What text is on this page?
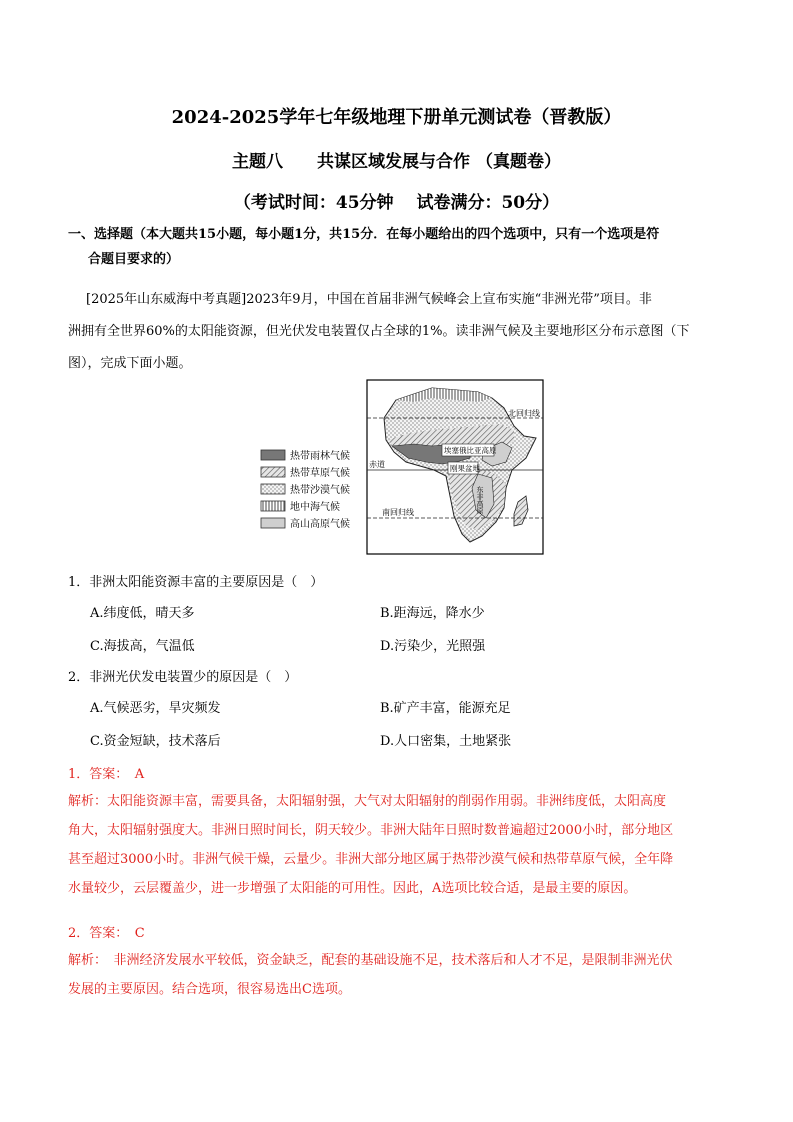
2024-2025学年七年级地理下册单元测试卷（晋教版）
主题八　　共谋区域发展与合作 （真题卷）
（考试时间：45分钟　 试卷满分：50分）
一、选择题（本大题共15小题，每小题1分，共15分．在每小题给出的四个选项中，只有一个选项是符
合题目要求的）
[2025年山东威海中考真题]2023年9月，中国在首届非洲气候峰会上宣布实施“非洲光带”项目。非
洲拥有全世界60%的太阳能资源，但光伏发电装置仅占全球的1%。读非洲气候及主要地形区分布示意图（下
图），完成下面小题。
热带雨林气候
热带草原气候
热带沙漠气候
地中海气候
高山高原气候
北回归线
赤道
南回归线
埃塞俄比亚高原
刚果盆地
东非高原
1．非洲太阳能资源丰富的主要原因是（　）
A.纬度低，晴天多	B.距海远，降水少
C.海拔高，气温低	D.污染少，光照强
2．非洲光伏发电装置少的原因是（　）
A.气候恶劣，旱灾频发	B.矿产丰富，能源充足
C.资金短缺，技术落后	D.人口密集，土地紧张
1．答案：　A
解析：太阳能资源丰富，需要具备，太阳辐射强，大气对太阳辐射的削弱作用弱。非洲纬度低，太阳高度
角大，太阳辐射强度大。非洲日照时间长，阴天较少。非洲大陆年日照时数普遍超过2000小时，部分地区
甚至超过3000小时。非洲气候干燥，云量少。非洲大部分地区属于热带沙漠气候和热带草原气候，全年降
水量较少，云层覆盖少，进一步增强了太阳能的可用性。因此，A选项比较合适，是最主要的原因。
2．答案：　C
解析：　非洲经济发展水平较低，资金缺乏，配套的基础设施不足，技术落后和人才不足，是限制非洲光伏
发展的主要原因。结合选项，很容易选出C选项。
